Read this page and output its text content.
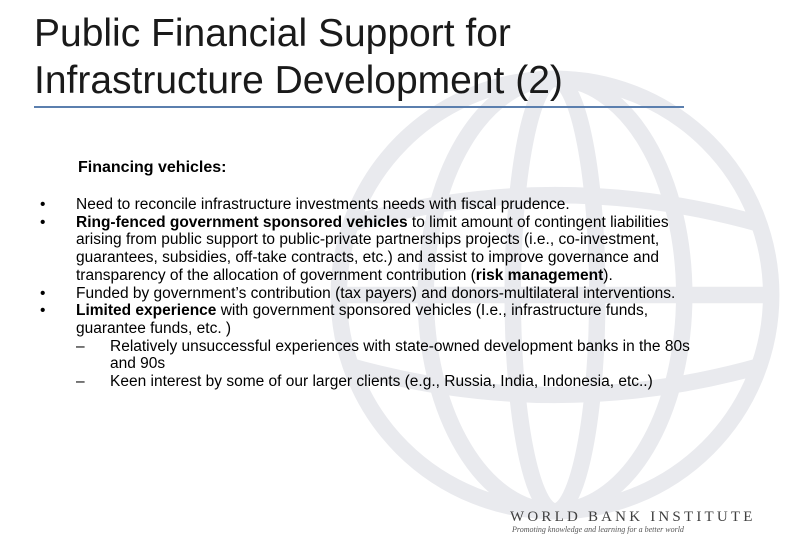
Public Financial Support for
Infrastructure Development (2)
Financing vehicles:
• Need to reconcile infrastructure investments needs with fiscal prudence.
• Ring-fenced government sponsored vehicles to limit amount of contingent liabilities arising from public support to public-private partnerships projects (i.e., co-investment, guarantees, subsidies, off-take contracts, etc.) and assist to improve governance and transparency of the allocation of government contribution (risk management).
• Funded by government’s contribution (tax payers) and donors-multilateral interventions.
• Limited experience with government sponsored vehicles (I.e., infrastructure funds, guarantee funds, etc. )
– Relatively unsuccessful experiences with state-owned development banks in the 80s and 90s
– Keen interest by some of our larger clients (e.g., Russia, India, Indonesia, etc..)
WORLD BANK INSTITUTE
Promoting knowledge and learning for a better world
